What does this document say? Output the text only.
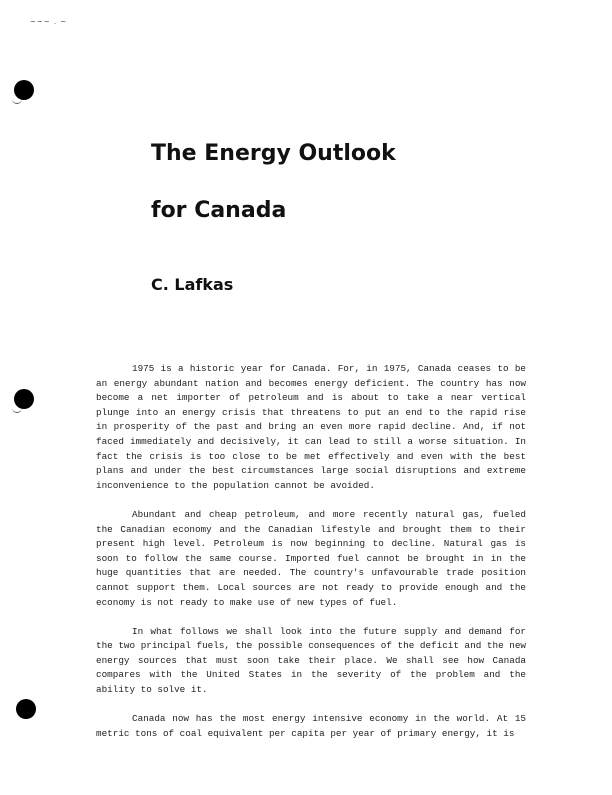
~~~ . ~
The Energy Outlook
for Canada
C. Lafkas

1975 is a historic year for Canada. For, in 1975, Canada ceases to be an energy abundant nation and becomes energy deficient. The country has now become a net importer of petroleum and is about to take a near vertical plunge into an energy crisis that threatens to put an end to the rapid rise in prosperity of the past and bring an even more rapid decline. And, if not faced immediately and decisively, it can lead to still a worse situation. In fact the crisis is too close to be met effectively and even with the best plans and under the best circumstances large social disruptions and extreme inconvenience to the population cannot be avoided.

Abundant and cheap petroleum, and more recently natural gas, fueled the Canadian economy and the Canadian lifestyle and brought them to their present high level. Petroleum is now beginning to decline. Natural gas is soon to follow the same course. Imported fuel cannot be brought in in the huge quantities that are needed. The country's unfavourable trade position cannot support them. Local sources are not ready to provide enough and the economy is not ready to make use of new types of fuel.

In what follows we shall look into the future supply and demand for the two principal fuels, the possible consequences of the deficit and the new energy sources that must soon take their place. We shall see how Canada compares with the United States in the severity of the problem and the ability to solve it.

Canada now has the most energy intensive economy in the world. At 15 metric tons of coal equivalent per capita per year of primary energy, it is
